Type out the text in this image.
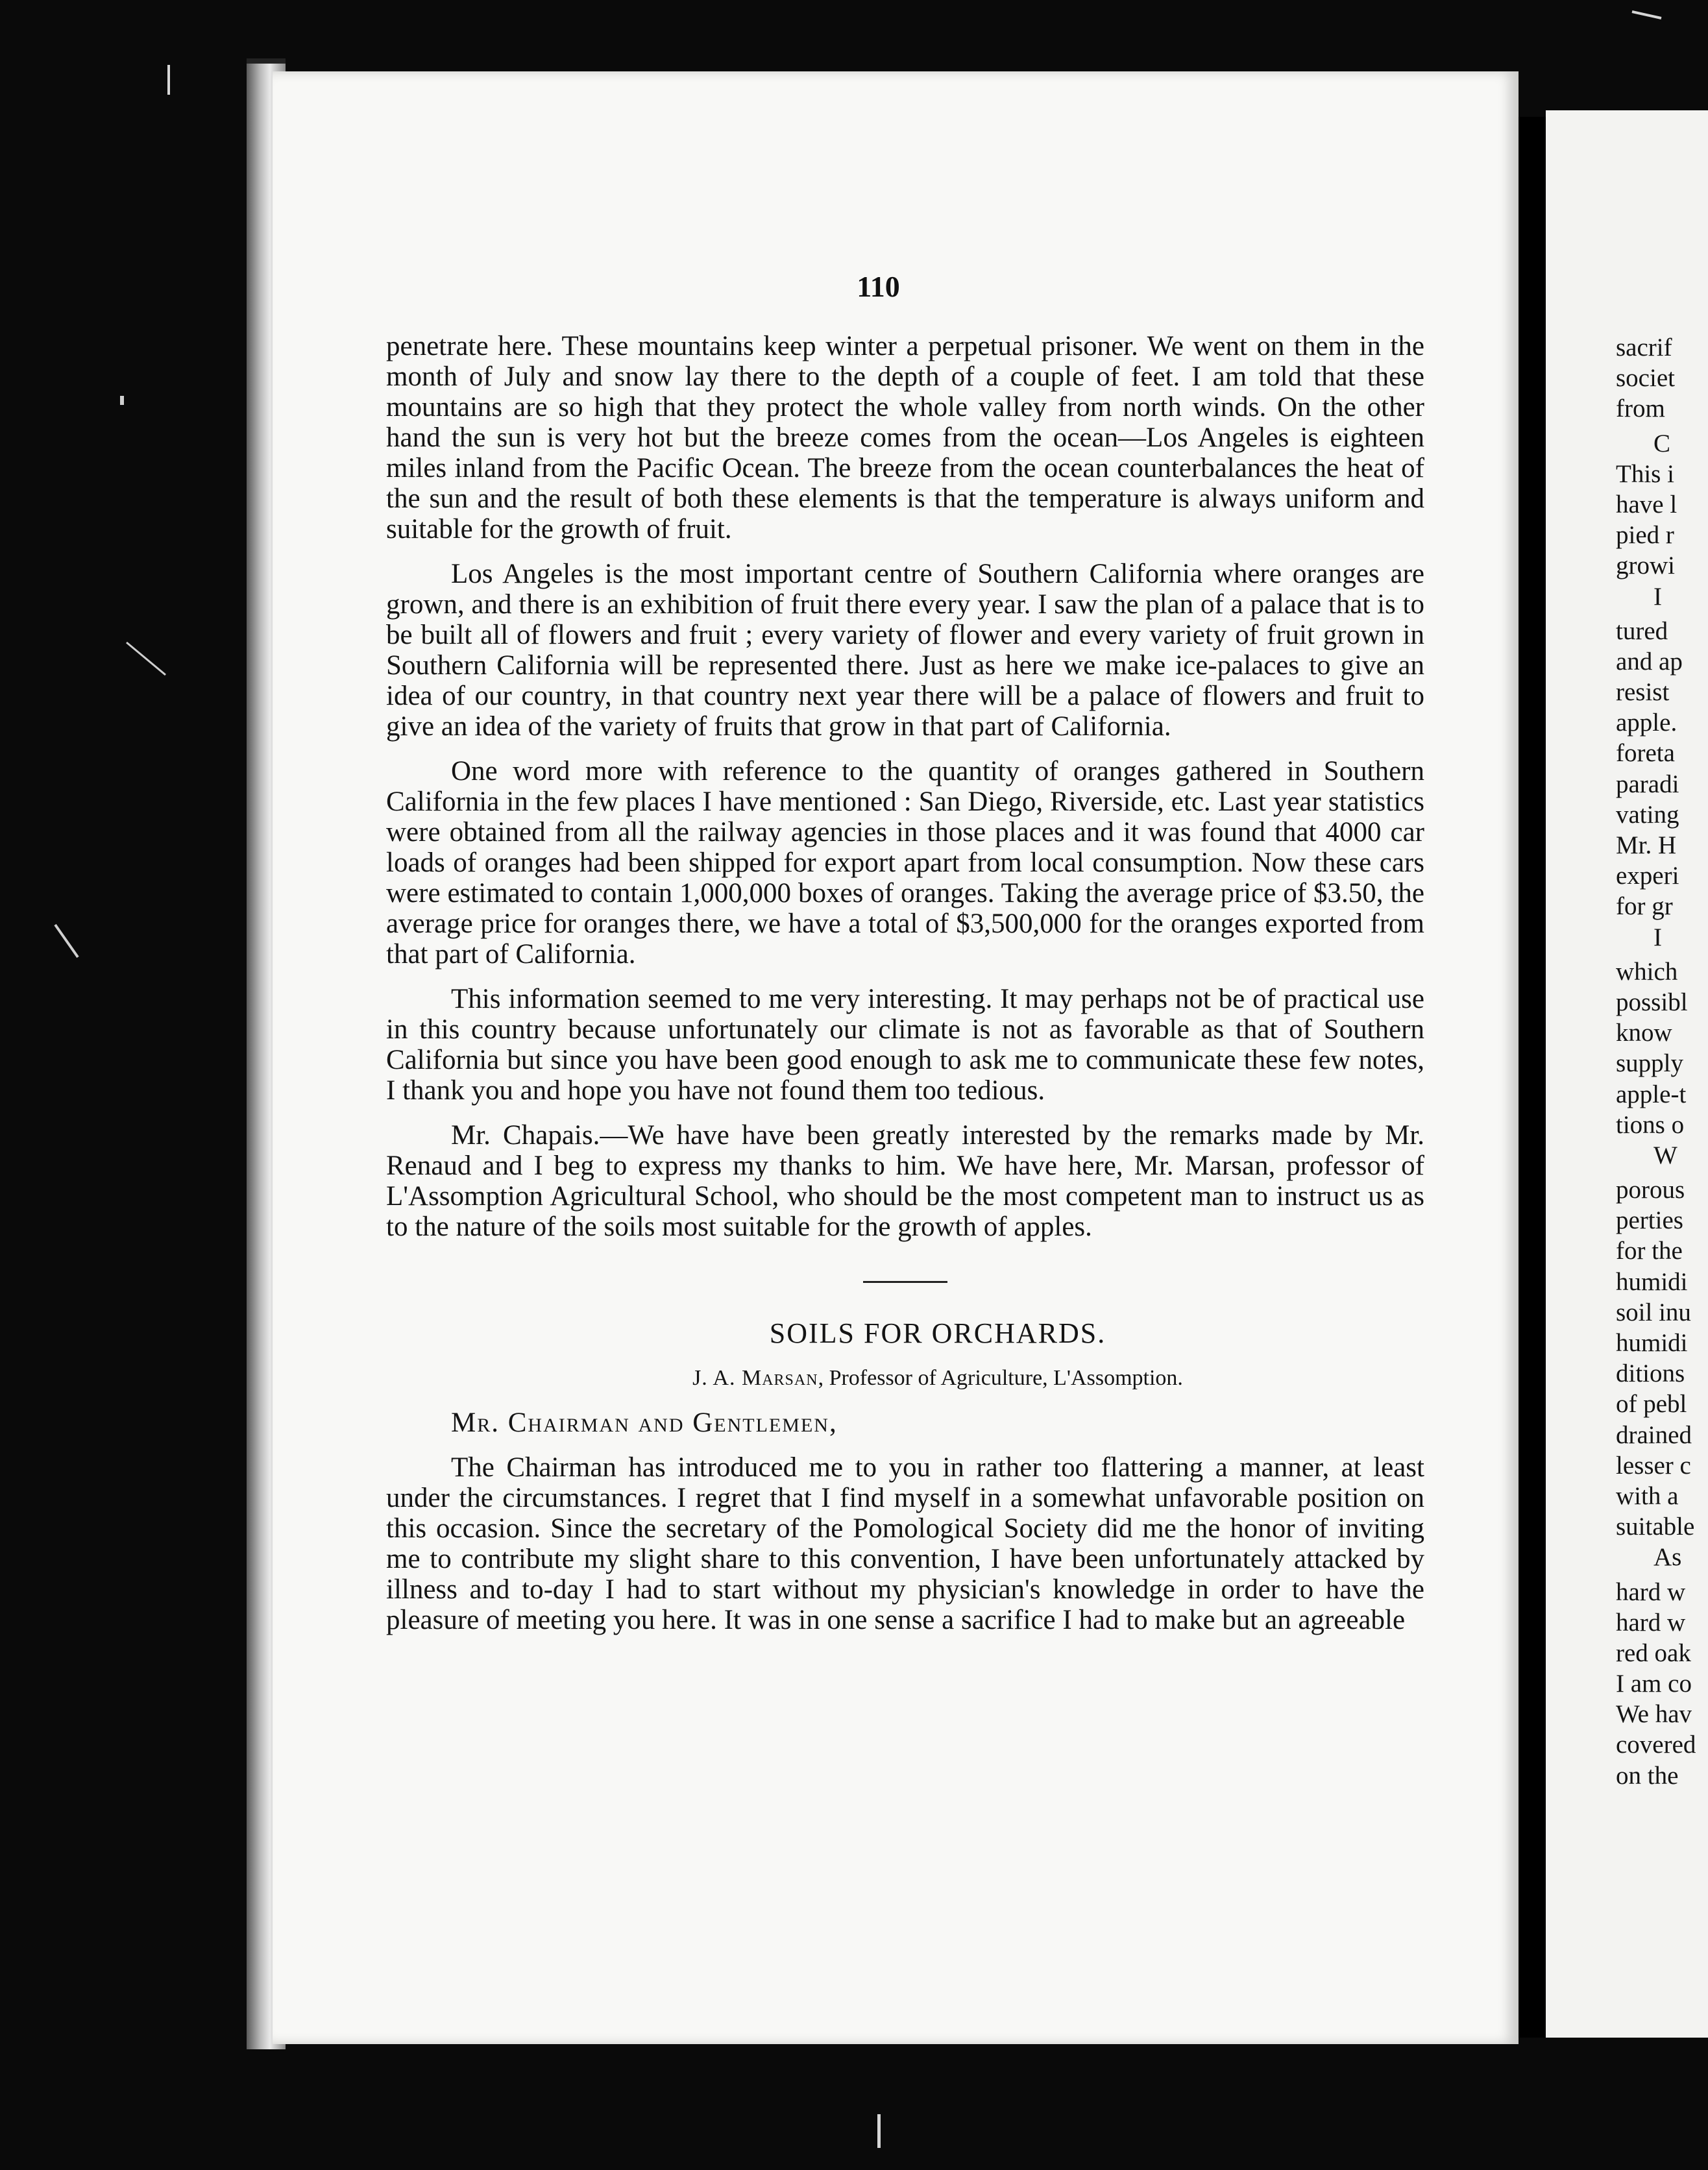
110

penetrate here. These mountains keep winter a perpetual prisoner. We went on them in the month of July and snow lay there to the depth of a couple of feet. I am told that these mountains are so high that they protect the whole valley from north winds. On the other hand the sun is very hot but the breeze comes from the ocean—Los Angeles is eighteen miles inland from the Pacific Ocean. The breeze from the ocean counterbalances the heat of the sun and the result of both these elements is that the temperature is always uniform and suitable for the growth of fruit.

Los Angeles is the most important centre of Southern California where oranges are grown, and there is an exhibition of fruit there every year. I saw the plan of a palace that is to be built all of flowers and fruit ; every variety of flower and every variety of fruit grown in Southern California will be represented there. Just as here we make ice-palaces to give an idea of our country, in that country next year there will be a palace of flowers and fruit to give an idea of the variety of fruits that grow in that part of California.

One word more with reference to the quantity of oranges gathered in Southern California in the few places I have mentioned : San Diego, Riverside, etc. Last year statistics were obtained from all the railway agencies in those places and it was found that 4000 car loads of oranges had been shipped for export apart from local consumption. Now these cars were estimated to contain 1,000,000 boxes of oranges. Taking the average price of $3.50, the average price for oranges there, we have a total of $3,500,000 for the oranges exported from that part of California.

This information seemed to me very interesting. It may perhaps not be of practical use in this country because unfortunately our climate is not as favorable as that of Southern California but since you have been good enough to ask me to communicate these few notes, I thank you and hope you have not found them too tedious.

Mr. Chapais.—We have have been greatly interested by the remarks made by Mr. Renaud and I beg to express my thanks to him. We have here, Mr. Marsan, professor of L'Assomption Agricultural School, who should be the most competent man to instruct us as to the nature of the soils most suitable for the growth of apples.

SOILS FOR ORCHARDS.

J. A. Marsan, Professor of Agriculture, L'Assomption.

Mr. Chairman and Gentlemen,

The Chairman has introduced me to you in rather too flattering a manner, at least under the circumstances. I regret that I find myself in a somewhat unfavorable position on this occasion. Since the secretary of the Pomological Society did me the honor of inviting me to contribute my slight share to this convention, I have been unfortunately attacked by illness and to-day I had to start without my physician's knowledge in order to have the pleasure of meeting you here. It was in one sense a sacrifice I had to make but an agreeable

sacrif
societ
from
C
This i
have l
pied r
growi
I
tured
and ap
resist
apple.
foreta
paradi
vating
Mr. H
experi
for gr
I
which
possibl
know
supply
apple-t
tions o
W
porous
perties
for the
humidi
soil inu
humidi
ditions
of pebl
drained
lesser c
with a
suitable
As
hard w
hard w
red oak
I am co
We hav
covered
on the
